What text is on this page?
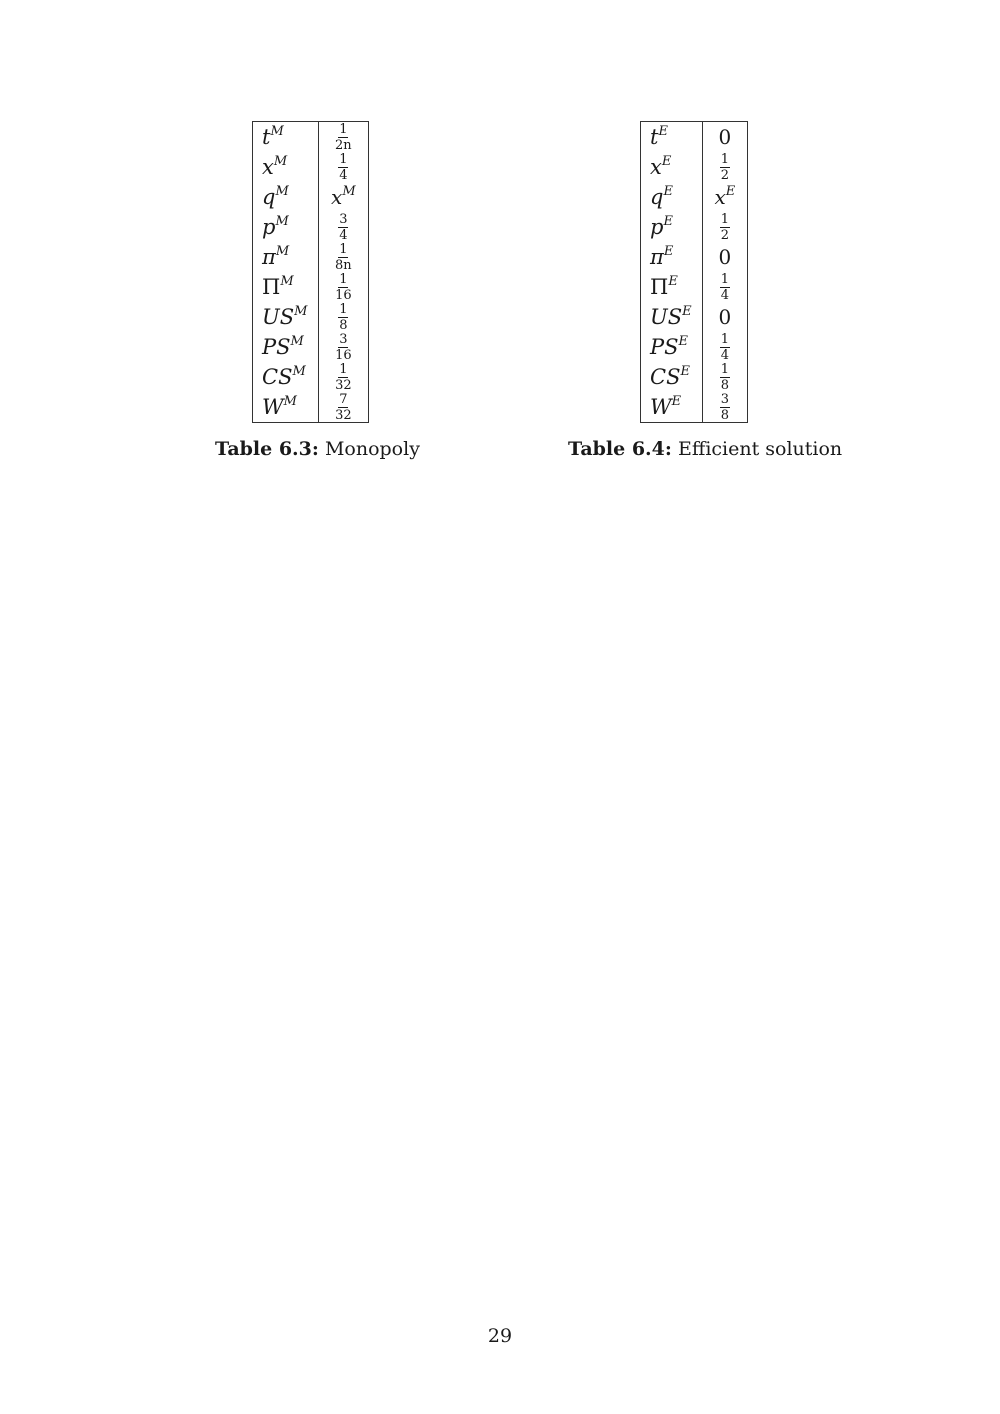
$t^M$	$\frac{1}{2n}$

$x^M$	$\frac{1}{4}$

$q^M$	$x^M$
$p^M$	$\frac{3}{4}$

$\pi^M$	$\frac{1}{8n}$

$\Pi^M$	$\frac{1}{16}$

$US^M$	$\frac{1}{8}$

$PS^M$	$\frac{3}{16}$

$CS^M$	$\frac{1}{32}$

$W^M$	$\frac{7}{32}$
Table 6.3: Monopoly
$t^E$	0
$x^E$	$\frac{1}{2}$

$q^E$	$x^E$
$p^E$	$\frac{1}{2}$

$\pi^E$	0
$\Pi^E$	$\frac{1}{4}$

$US^E$	0
$PS^E$	$\frac{1}{4}$

$CS^E$	$\frac{1}{8}$

$W^E$	$\frac{3}{8}$
Table 6.4: Efficient solution
29
